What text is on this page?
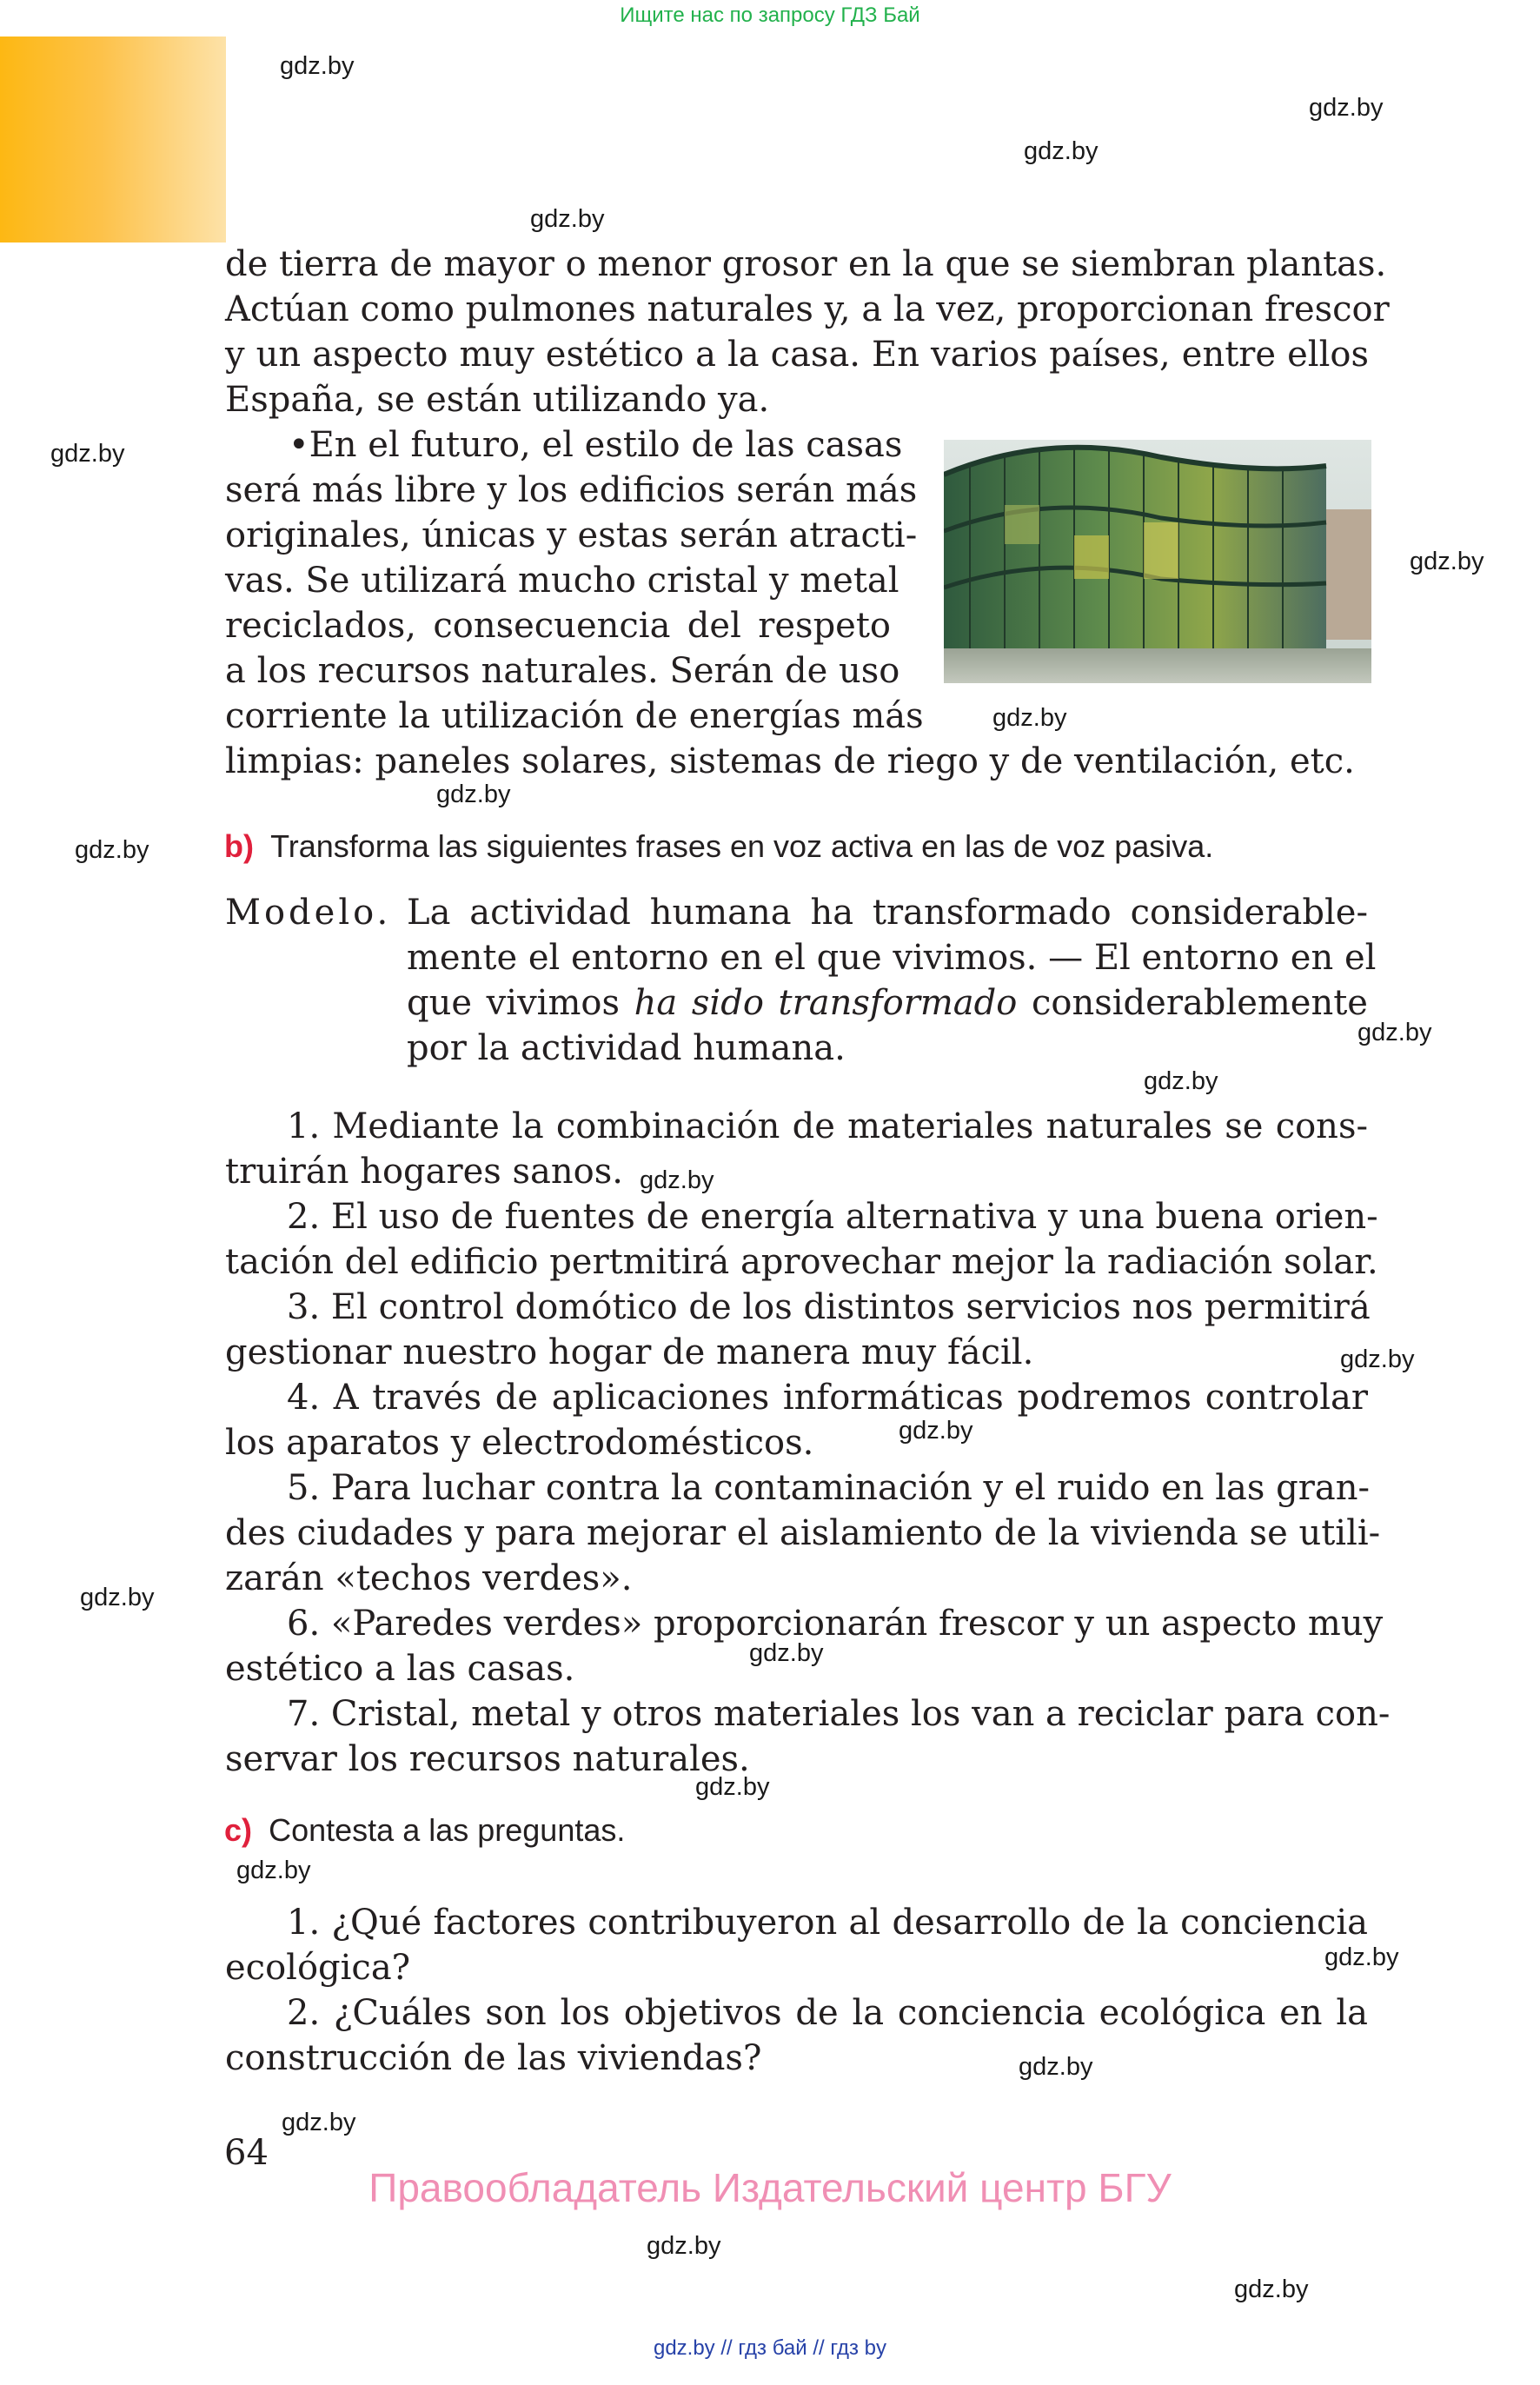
Ищите нас по запросу ГДЗ Бай
gdz.by
gdz.by
gdz.by
gdz.by
gdz.by
gdz.by
gdz.by
gdz.by
gdz.by
gdz.by
gdz.by
gdz.by
gdz.by
gdz.by
gdz.by
gdz.by
gdz.by
gdz.by
gdz.by
gdz.by
gdz.by
gdz.by
gdz.by
de tierra de mayor o menor grosor en la que se siembran plantas.
Actúan como pulmones naturales y, a la vez, proporcionan frescor
y un aspecto muy estético a la casa. En varios países, entre ellos
España, se están utilizando ya.
•En el futuro, el estilo de las casas
será más libre y los edificios serán más
originales, únicas y estas serán atracti-
vas. Se utilizará mucho cristal y metal
reciclados, consecuencia del respeto
a los recursos naturales. Serán de uso
corriente la utilización de energías más
limpias: paneles solares, sistemas de riego y de ventilación, etc.
b) Transforma las siguientes frases en voz activa en las de voz pasiva.
Modelo. La actividad humana ha transformado considerable-
mente el entorno en el que vivimos. — El entorno en el
que vivimos ha sido transformado considerablemente
por la actividad humana.
1. Mediante la combinación de materiales naturales se cons-
truirán hogares sanos.
2. El uso de fuentes de energía alternativa y una buena orien-
tación del edificio pertmitirá aprovechar mejor la radiación solar.
3. El control domótico de los distintos servicios nos permitirá
gestionar nuestro hogar de manera muy fácil.
4. A través de aplicaciones informáticas podremos controlar
los aparatos y electrodomésticos.
5. Para luchar contra la contaminación y el ruido en las gran-
des ciudades y para mejorar el aislamiento de la vivienda se utili-
zarán «techos verdes».
6. «Paredes verdes» proporcionarán frescor y un aspecto muy
estético a las casas.
7. Cristal, metal y otros materiales los van a reciclar para con-
servar los recursos naturales.
c) Contesta a las preguntas.
1. ¿Qué factores contribuyeron al desarrollo de la conciencia
ecológica?
2. ¿Cuáles son los objetivos de la conciencia ecológica en la
construcción de las viviendas?
64
Правообладатель Издательский центр БГУ
gdz.by // гдз бай // гдз by
